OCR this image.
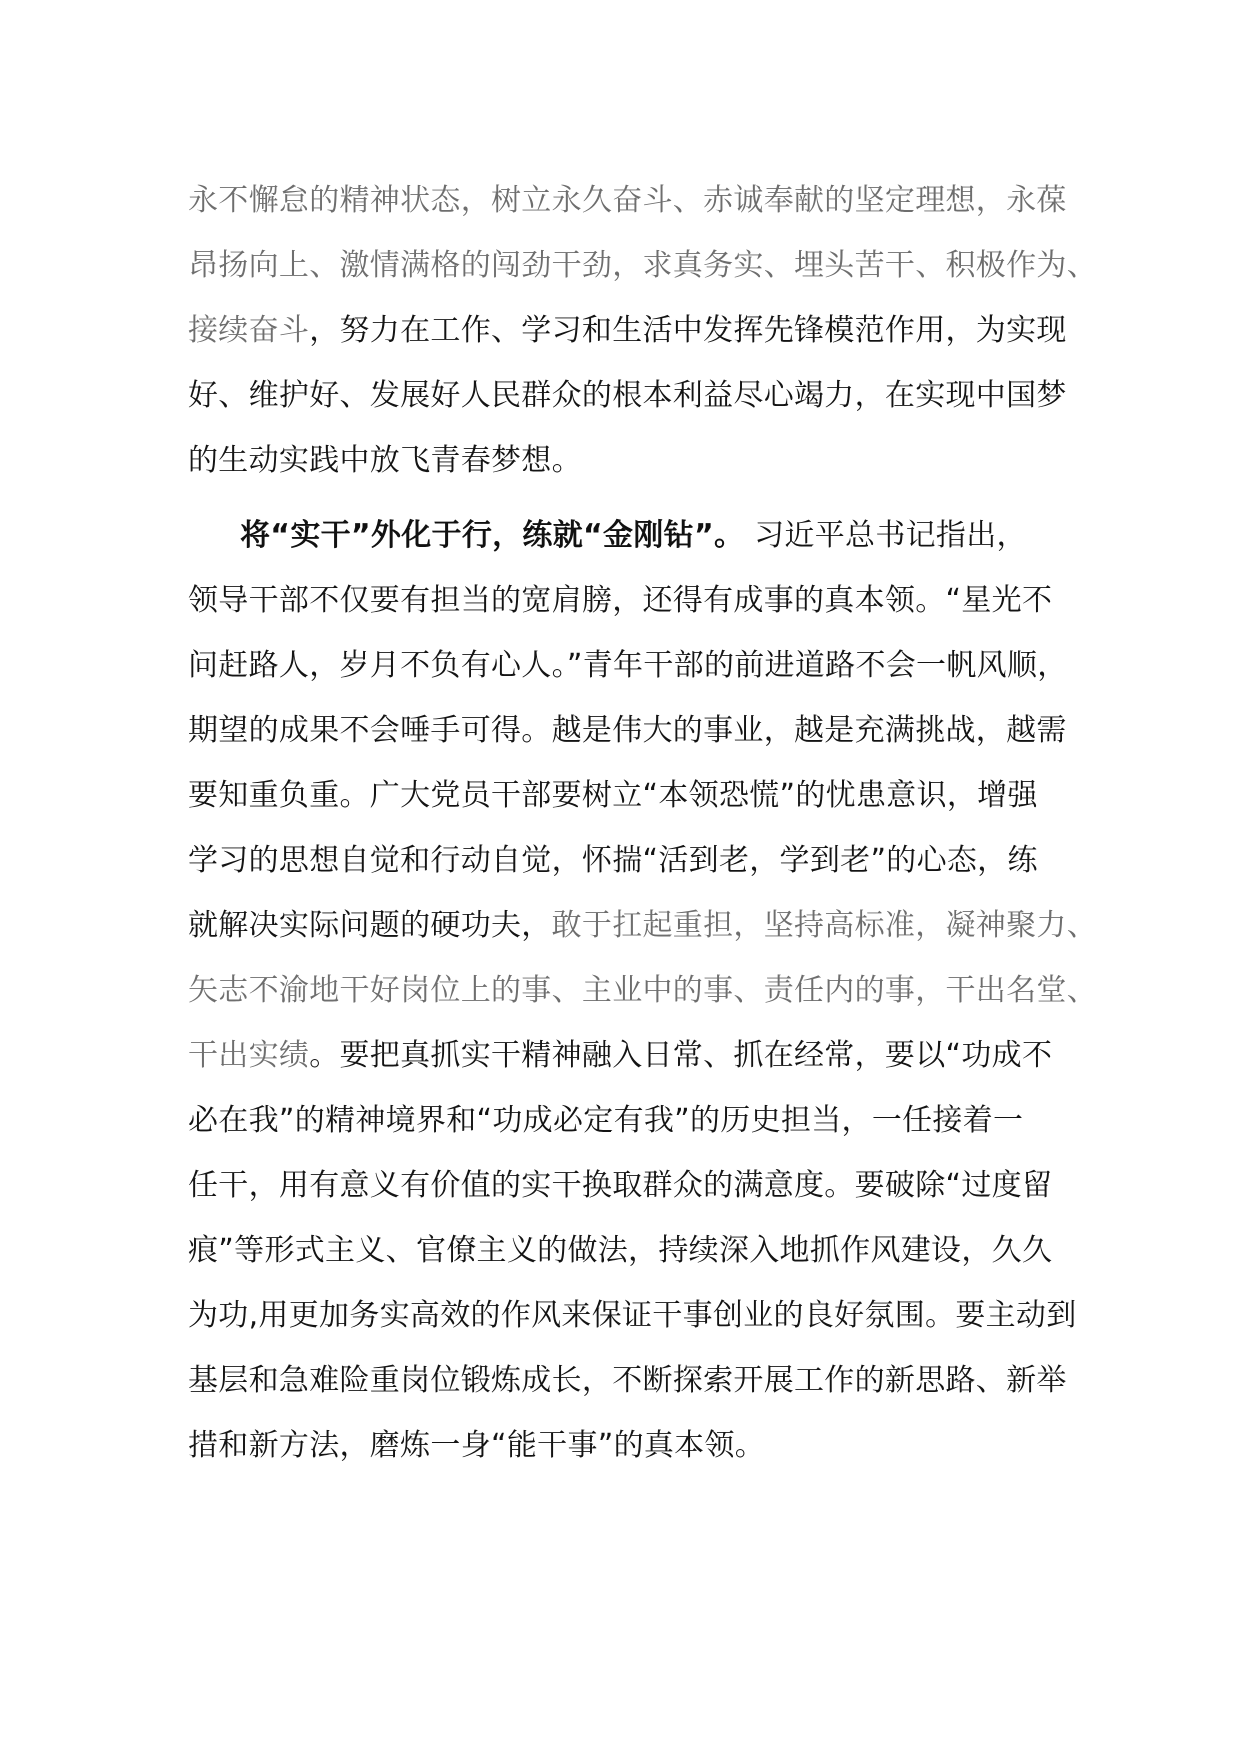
永不懈怠的精神状态，树立永久奋斗、赤诚奉献的坚定理想，永葆
昂扬向上、激情满格的闯劲干劲，求真务实、埋头苦干、积极作为、
接续奋斗，努力在工作、学习和生活中发挥先锋模范作用，为实现
好、维护好、发展好人民群众的根本利益尽心竭力，在实现中国梦
的生动实践中放飞青春梦想。
将“实干”外化于行，练就“金刚钻”。 习近平总书记指出，
领导干部不仅要有担当的宽肩膀，还得有成事的真本领。“星光不
问赶路人，岁月不负有心人。”青年干部的前进道路不会一帆风顺，
期望的成果不会唾手可得。越是伟大的事业，越是充满挑战，越需
要知重负重。广大党员干部要树立“本领恐慌”的忧患意识，增强
学习的思想自觉和行动自觉，怀揣“活到老，学到老”的心态，练
就解决实际问题的硬功夫，敢于扛起重担，坚持高标准，凝神聚力、
矢志不渝地干好岗位上的事、主业中的事、责任内的事，干出名堂、
干出实绩。要把真抓实干精神融入日常、抓在经常，要以“功成不
必在我”的精神境界和“功成必定有我”的历史担当，一任接着一
任干，用有意义有价值的实干换取群众的满意度。要破除“过度留
痕”等形式主义、官僚主义的做法，持续深入地抓作风建设，久久
为功,用更加务实高效的作风来保证干事创业的良好氛围。要主动到
基层和急难险重岗位锻炼成长，不断探索开展工作的新思路、新举
措和新方法，磨炼一身“能干事”的真本领。
